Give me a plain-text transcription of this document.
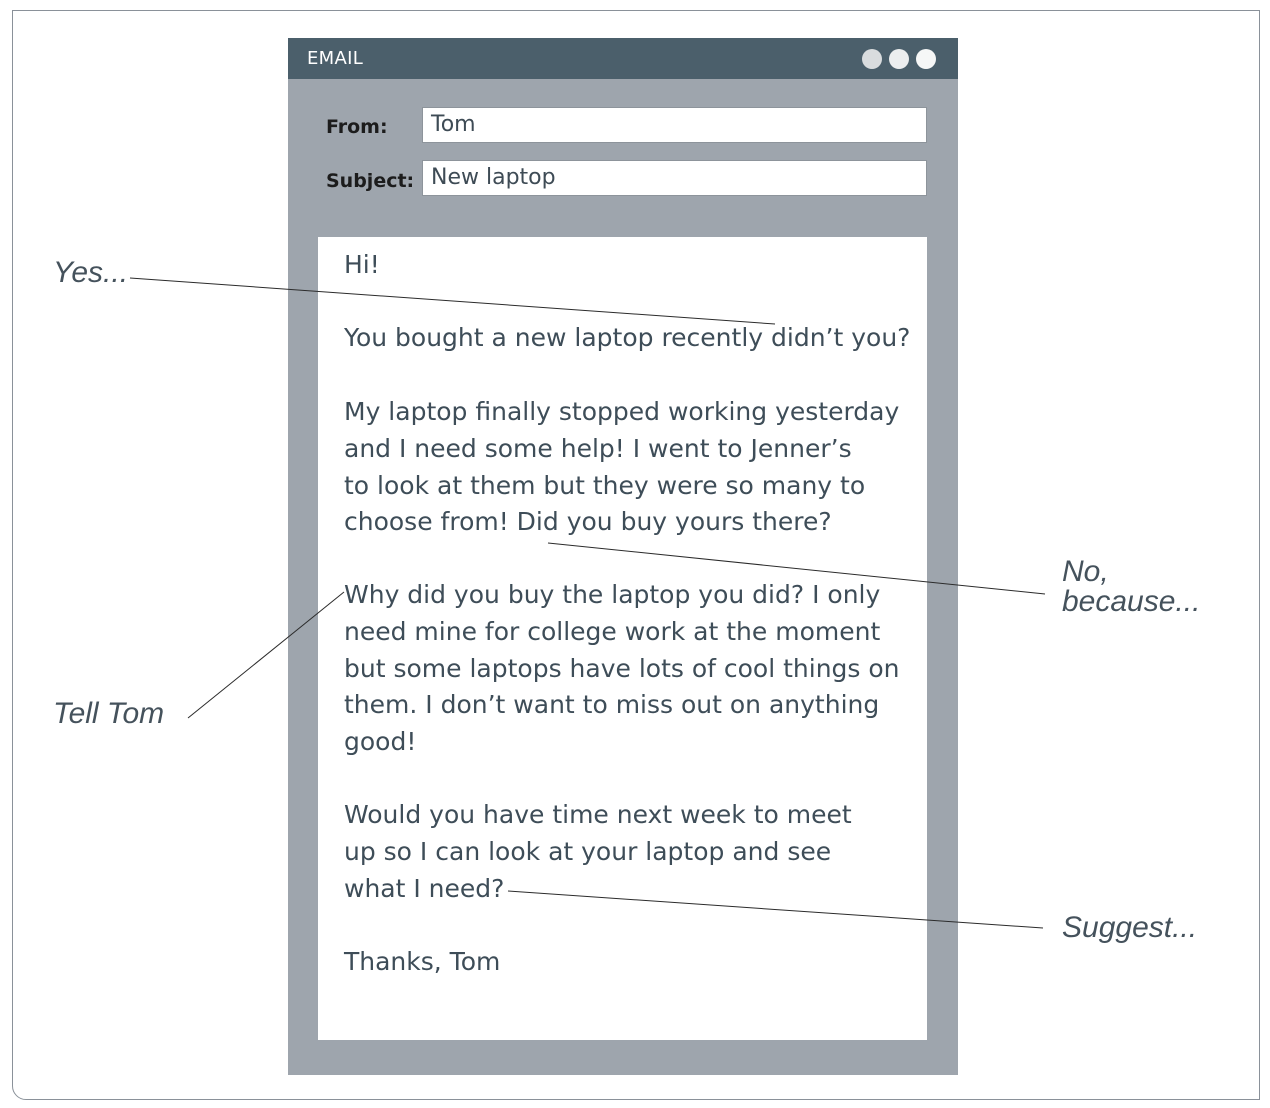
EMAIL
From:	Tom
Subject: New laptop

Hi!

You bought a new laptop recently didn’t you?

My laptop finally stopped working yesterday
and I need some help! I went to Jenner’s
to look at them but they were so many to
choose from! Did you buy yours there?

Why did you buy the laptop you did? I only
need mine for college work at the moment
but some laptops have lots of cool things on
them. I don’t want to miss out on anything
good!

Would you have time next week to meet
up so I can look at your laptop and see
what I need?

Thanks, Tom

Yes...
No,
because...
Tell Tom
Suggest...
